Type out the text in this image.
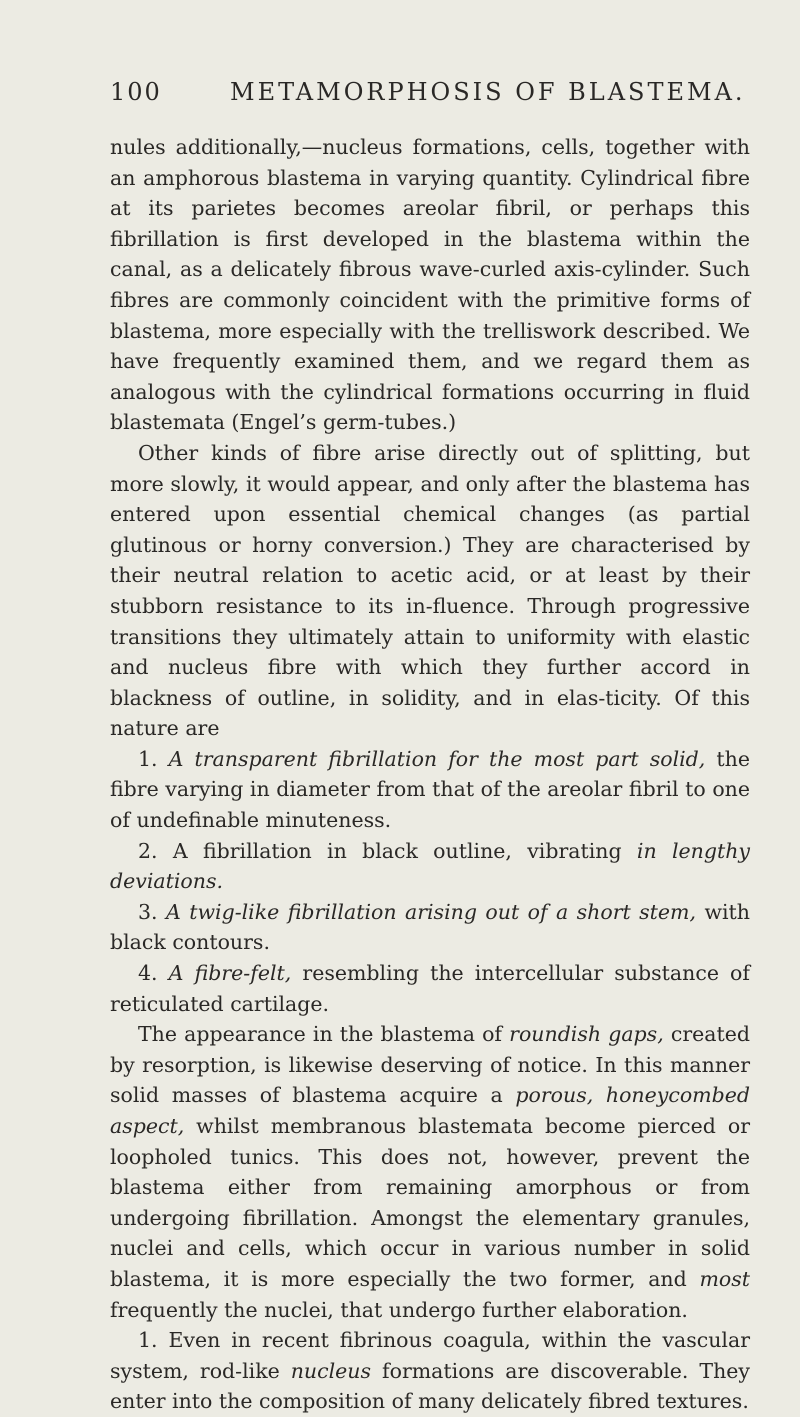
100	METAMORPHOSIS OF BLASTEMA.

nules additionally,—nucleus formations, cells, together with an amphorous blastema in varying quantity. Cylindrical fibre at its parietes becomes areolar fibril, or perhaps this fibrillation is first developed in the blastema within the canal, as a delicately fibrous wave-curled axis-cylinder. Such fibres are commonly coincident with the primitive forms of blastema, more especially with the trelliswork described. We have frequently examined them, and we regard them as analogous with the cylindrical formations occurring in fluid blastemata (Engel’s germ-tubes.)

Other kinds of fibre arise directly out of splitting, but more slowly, it would appear, and only after the blastema has entered upon essential chemical changes (as partial glutinous or horny conversion.) They are characterised by their neutral relation to acetic acid, or at least by their stubborn resistance to its in-fluence. Through progressive transitions they ultimately attain to uniformity with elastic and nucleus fibre with which they further accord in blackness of outline, in solidity, and in elas-ticity. Of this nature are

1. A transparent fibrillation for the most part solid, the fibre varying in diameter from that of the areolar fibril to one of undefinable minuteness.

2. A fibrillation in black outline, vibrating in lengthy deviations.

3. A twig-like fibrillation arising out of a short stem, with black contours.

4. A fibre-felt, resembling the intercellular substance of reticulated cartilage.

The appearance in the blastema of roundish gaps, created by resorption, is likewise deserving of notice. In this manner solid masses of blastema acquire a porous, honeycombed aspect, whilst membranous blastemata become pierced or loopholed tunics. This does not, however, prevent the blastema either from remaining amorphous or from undergoing fibrillation. Amongst the elementary granules, nuclei and cells, which occur in various number in solid blastema, it is more especially the two former, and most frequently the nuclei, that undergo further elaboration.

1. Even in recent fibrinous coagula, within the vascular system, rod-like nucleus formations are discoverable. They enter into the composition of many delicately fibred textures.
